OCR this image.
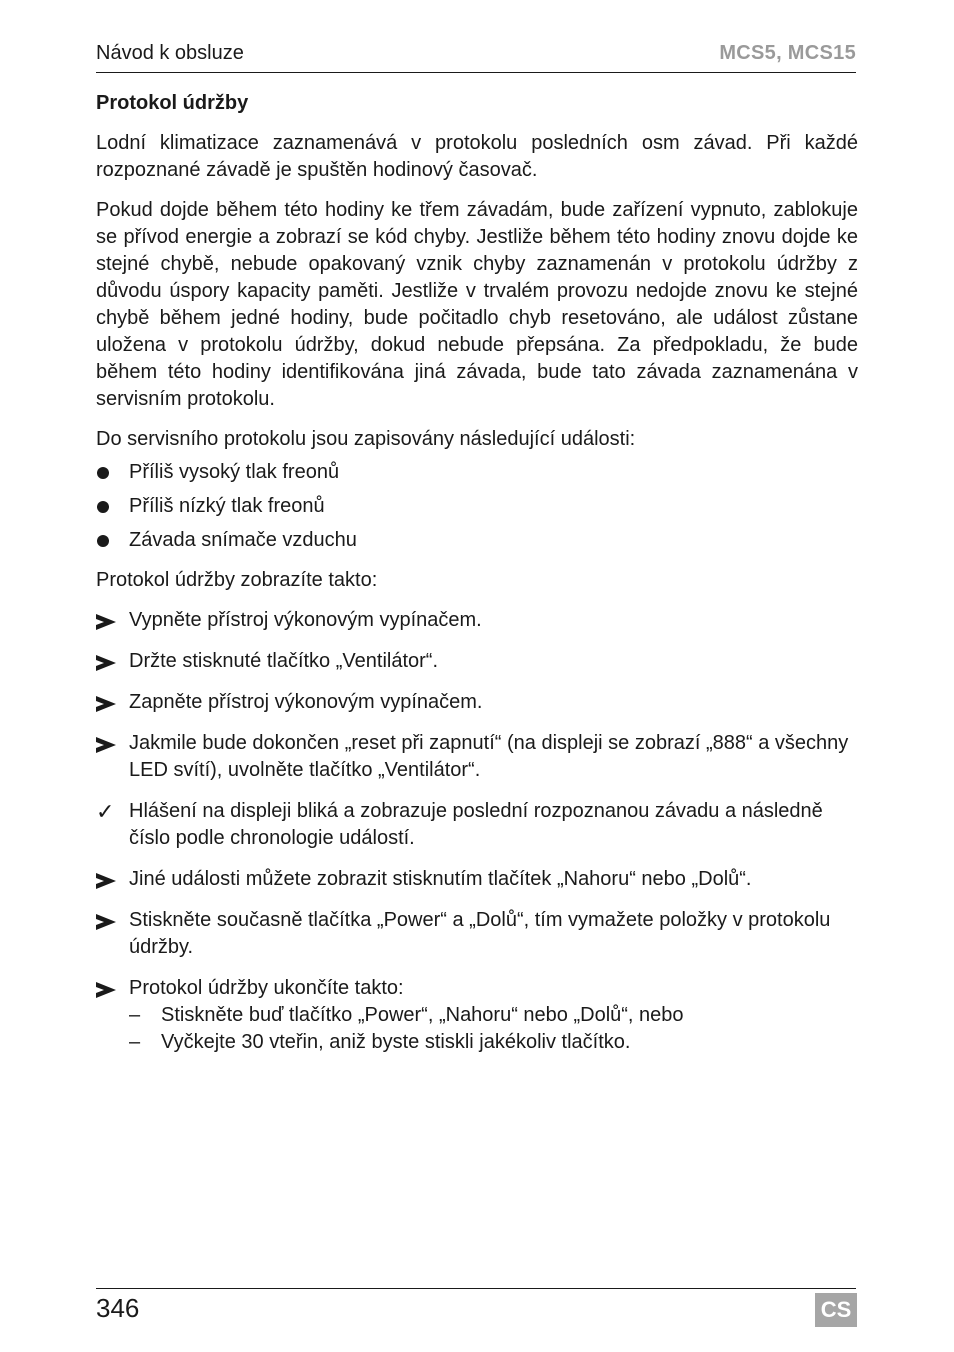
Návod k obsluze	MCS5, MCS15
Protokol údržby

Lodní klimatizace zaznamenává v protokolu posledních osm závad. Při každé rozpoznané závadě je spuštěn hodinový časovač.

Pokud dojde během této hodiny ke třem závadám, bude zařízení vypnuto, zablokuje se přívod energie a zobrazí se kód chyby. Jestliže během této hodiny znovu dojde ke stejné chybě, nebude opakovaný vznik chyby zaznamenán v protokolu údržby z důvodu úspory kapacity paměti. Jestliže v trvalém provozu nedojde znovu ke stejné chybě během jedné hodiny, bude počitadlo chyb resetováno, ale událost zůstane uložena v protokolu údržby, dokud nebude přepsána. Za předpokladu, že bude během této hodiny identifikována jiná závada, bude tato závada zaznamenána v servisním protokolu.

Do servisního protokolu jsou zapisovány následující události:

Příliš vysoký tlak freonů
Příliš nízký tlak freonů
Závada snímače vzduchu

Protokol údržby zobrazíte takto:

Vypněte přístroj výkonovým vypínačem.
Držte stisknuté tlačítko „Ventilátor“.
Zapněte přístroj výkonovým vypínačem.
Jakmile bude dokončen „reset při zapnutí“ (na displeji se zobrazí „888“ a všechny LED svítí), uvolněte tlačítko „Ventilátor“.
✓ Hlášení na displeji bliká a zobrazuje poslední rozpoznanou závadu a následně číslo podle chronologie událostí.
Jiné události můžete zobrazit stisknutím tlačítek „Nahoru“ nebo „Dolů“.
Stiskněte současně tlačítka „Power“ a „Dolů“, tím vymažete položky v protokolu údržby.
Protokol údržby ukončíte takto:
– Stiskněte buď tlačítko „Power“, „Nahoru“ nebo „Dolů“, nebo
– Vyčkejte 30 vteřin, aniž byste stiskli jakékoliv tlačítko.
346	CS
